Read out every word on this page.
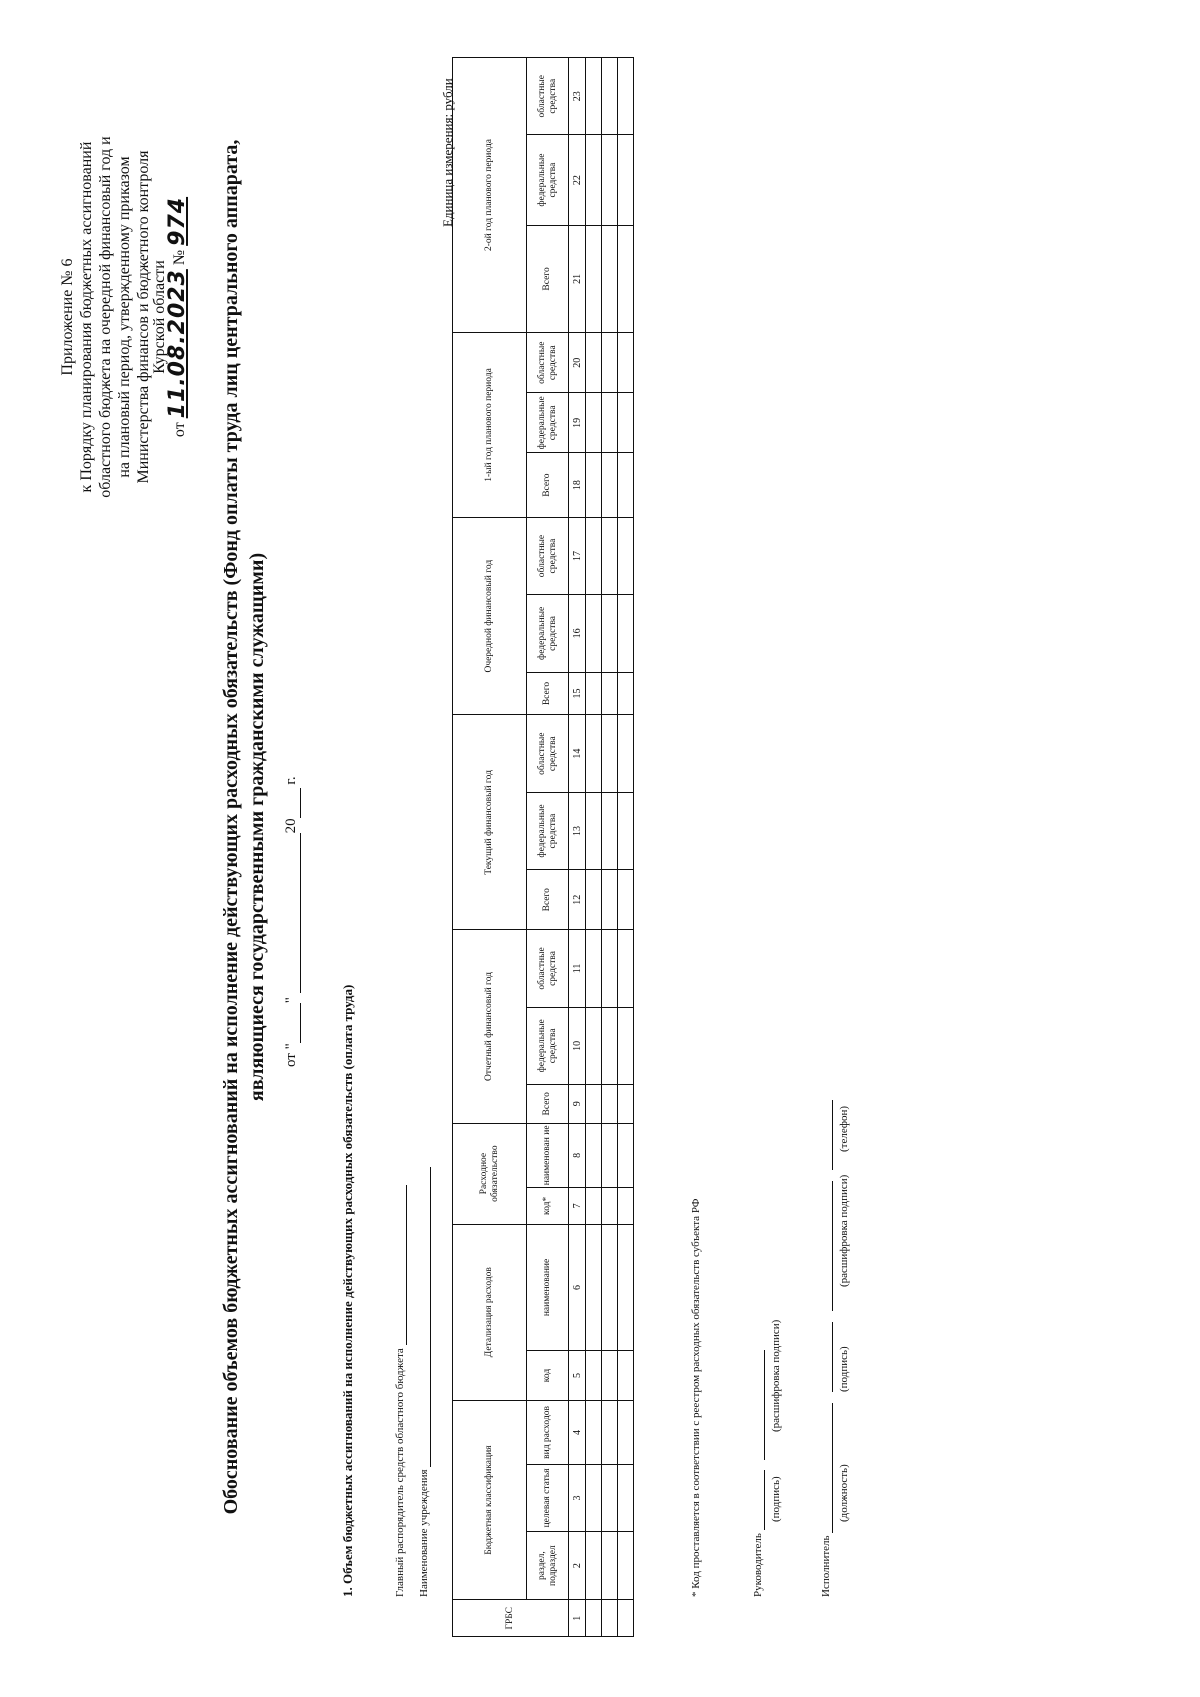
Приложение № 6 к Порядку планирования бюджетных ассигнований областного бюджета на очередной финансовый год и на плановый период, утвержденному приказом Министерства финансов и бюджетного контроля Курской области
от 11.08.2023 № 974 Обоснование объемов бюджетных ассигнований на исполнение действующих расходных обязательств (Фонд оплаты труда лиц центрального аппарата, являющиеся государственными гражданскими служащими) от " "  20  г.
1. Объем бюджетных ассигнований на исполнение действующих расходных обязательств (оплата труда)	Главный распорядитель средств областного бюджета Наименование учреждения
Единица измерения: рубли
ГРБС	Бюджетная классификация			Детализация расходов		Расходное обязательство		Отчетный финансовый год			Текущий финансовый год			Очередной финансовый год			1-ый год планового периода			2-ой год планового периода		
	раздел, подраздел	целевая статья	вид расходов	код	наименование	код*	наименован ие	Всего	федеральные средства	областные средства	Всего	федеральные средства	областные средства	Всего	федеральные средства	областные средства	Всего	федеральные средства	областные средства	Всего	федеральные средства	областные средства
1	2	3	4	5	6	7	8	9	10	11	12	13	14	15	16	17	18	19	20	21	22	23

* Код проставляется в соответствии с реестром расходных обязательств субъекта РФ	Руководитель
(подпись)
(расшифровка подписи)
Исполнитель
(должность)
(подпись)
(расшифровка подписи)
(телефон)
